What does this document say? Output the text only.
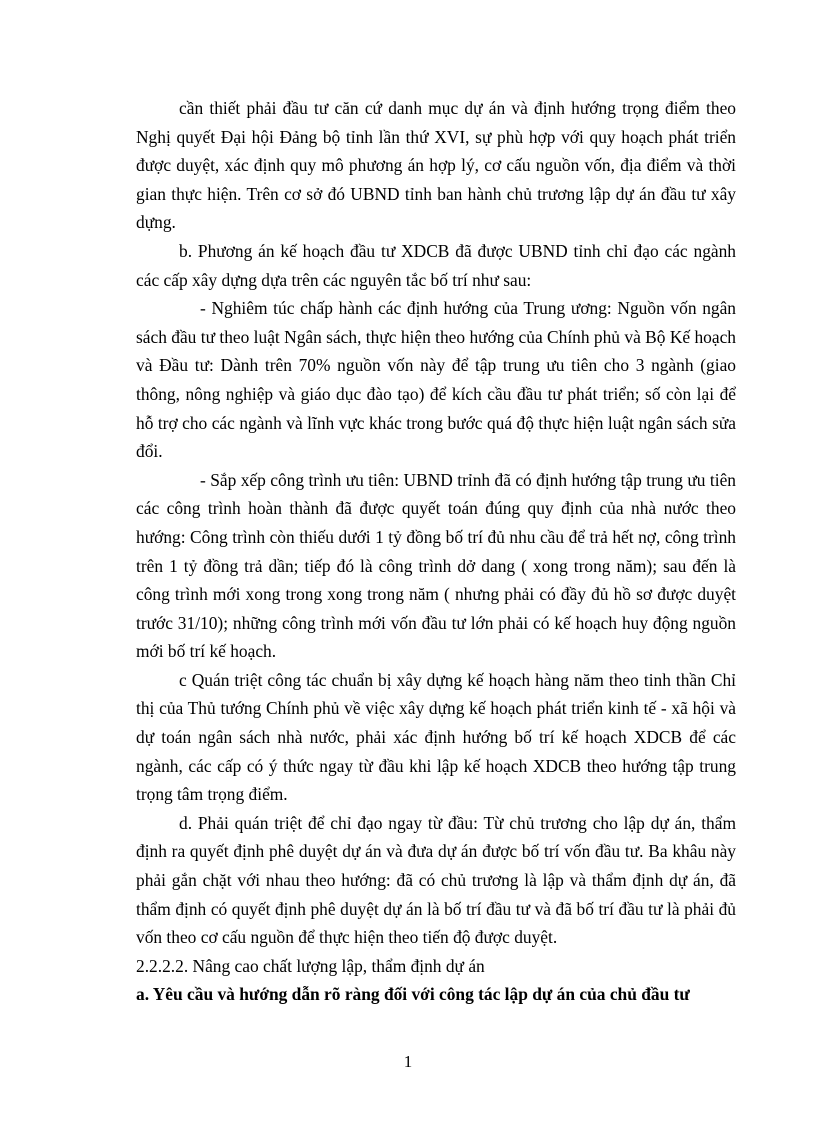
cần thiết phải đầu tư căn cứ danh mục dự án và định hướng trọng điểm theo Nghị quyết Đại hội Đảng bộ tỉnh lần thứ XVI, sự phù hợp với quy hoạch phát triển được duyệt, xác định quy mô phương án hợp lý, cơ cấu nguồn vốn, địa điểm và thời gian thực hiện. Trên cơ sở đó UBND tỉnh ban hành chủ trương lập dự án đầu tư xây dựng.

b. Phương án kế hoạch đầu tư XDCB đã được UBND tỉnh chỉ đạo các ngành các cấp xây dựng dựa trên các nguyên tắc bố trí như sau:

- Nghiêm túc chấp hành các định hướng của Trung ương: Nguồn vốn ngân sách đầu tư theo luật Ngân sách, thực hiện theo hướng của Chính phủ và Bộ Kế hoạch và Đầu tư: Dành trên 70% nguồn vốn này để tập trung ưu tiên cho 3 ngành (giao thông, nông nghiệp và giáo dục đào tạo) để kích cầu đầu tư phát triển; số còn lại để hỗ trợ cho các ngành và lĩnh vực khác trong bước quá độ thực hiện luật ngân sách sửa đổi.

- Sắp xếp công trình ưu tiên: UBND trỉnh đã có định hướng tập trung ưu tiên các công trình hoàn thành đã được quyết toán đúng quy định của nhà nước theo hướng: Công trình còn thiếu dưới 1 tỷ đồng bố trí đủ nhu cầu để trả hết nợ, công trình trên 1 tỷ đồng trả dần; tiếp đó là công trình dở dang ( xong trong năm); sau đến là công trình mới xong trong xong trong năm ( nhưng phải có đầy đủ hồ sơ được duyệt trước 31/10); những công trình mới vốn đầu tư lớn phải có kế hoạch huy động nguồn mới bố trí kế hoạch.

c Quán triệt công tác chuẩn bị xây dựng kế hoạch hàng năm theo tinh thần Chỉ thị của Thủ tướng Chính phủ về việc xây dựng kế hoạch phát triển kinh tế - xã hội và dự toán ngân sách nhà nước, phải xác định hướng bố trí kế hoạch XDCB để các ngành, các cấp có ý thức ngay từ đầu khi lập kế hoạch XDCB theo hướng tập trung trọng tâm trọng điểm.

d. Phải quán triệt để chỉ đạo ngay từ đầu: Từ chủ trương cho lập dự án, thẩm định ra quyết định phê duyệt dự án và đưa dự án được bố trí vốn đầu tư. Ba khâu này phải gắn chặt với nhau theo hướng: đã có chủ trương là lập và thẩm định dự án, đã thẩm định có quyết định phê duyệt dự án là bố trí đầu tư và đã bố trí đầu tư là phải đủ vốn theo cơ cấu nguồn để thực hiện theo tiến độ được duyệt.

2.2.2.2. Nâng cao chất lượng lập, thẩm định dự án

a. Yêu cầu và hướng dẫn rõ ràng đối với công tác lập dự án của chủ đầu tư

1
